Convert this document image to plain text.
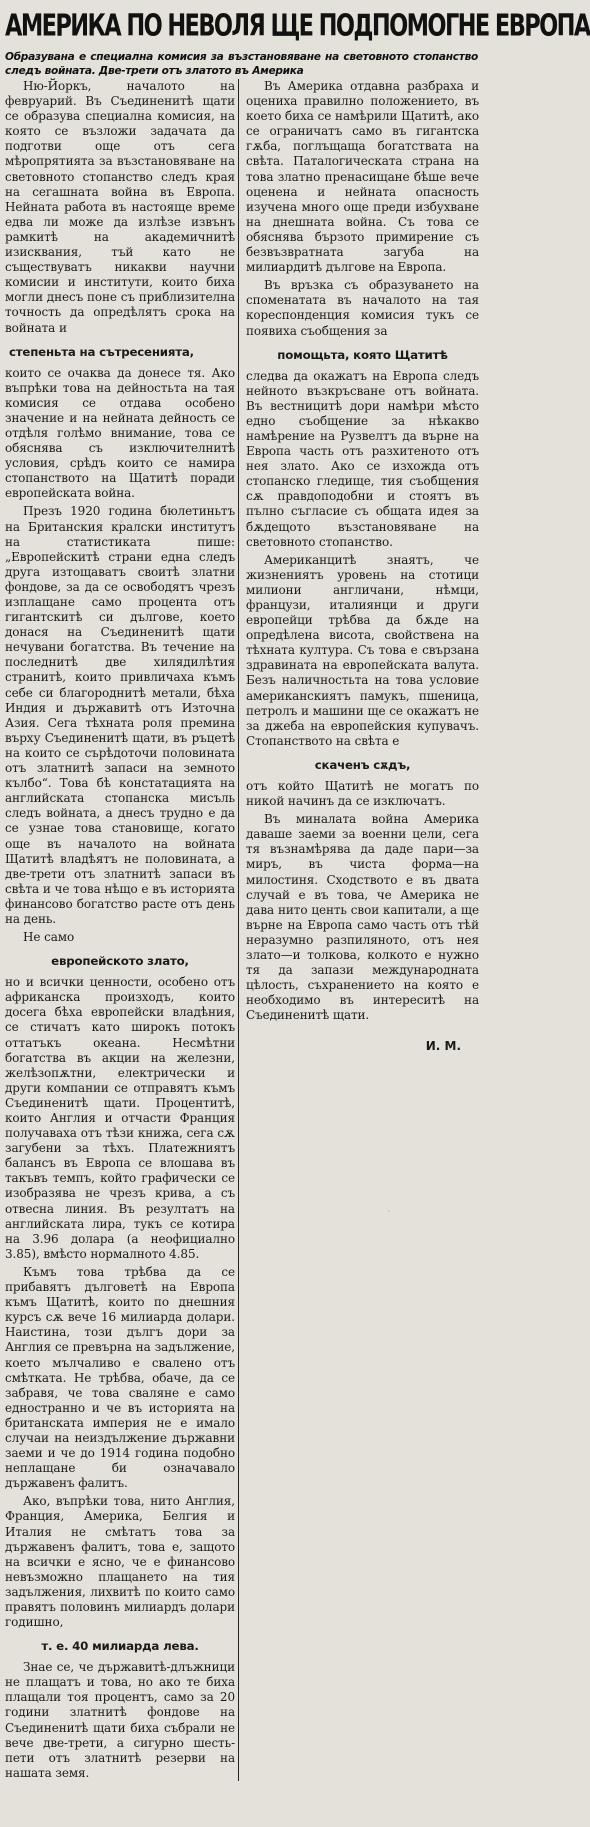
АМЕРИКА ПО НЕВОЛЯ ЩЕ ПОДПОМОГНЕ ЕВРОПА

Образувана е специална комисия за възстановяване на световното стопанство следъ войната. Две-трети отъ златото въ Америка

Ню-Йоркъ, началото на февруарий. Въ Съединенитѣ щати се образува специална комисия, на която се възложи задачата да подготви още отъ сега мѣропрятията за възстановяване на световното стопанство следъ края на сегашната война въ Европа. Нейната работа въ настояще време едва ли може да излѣзе извънъ рамкитѣ на академичнитѣ изисквания, тъй като не съществуватъ никакви научни комисии и институти, които биха могли днесъ поне съ приблизителна точность да опредѣлятъ срока на войната и

степеньта на сътресенията,

които се очаква да донесе тя. Ако въпрѣки това на дейностьта на тая комисия се отдава особено значение и на нейната дейность се отдѣля голѣмо внимание, това се обяснява съ изключителнитѣ условия, срѣдъ които се намира стопанството на Щатитѣ поради европейската война.

Презъ 1920 година бюлетиньтъ на Британския кралски институтъ на статистиката пише: „Европейскитѣ страни една следъ друга изтощаватъ своитѣ златни фондове, за да се освободятъ чрезъ изплащане само процента отъ гигантскитѣ си дългове, което донася на Съединенитѣ щати нечувани богатства. Въ течение на последнитѣ две хилядилѣтия странитѣ, които привличаха къмъ себе си благороднитѣ метали, бѣха Индия и държавитѣ отъ Източна Азия. Сега тѣхната роля премина върху Съединенитѣ щати, въ ръцетѣ на които се сърѣдоточи половината отъ златнитѣ запаси на земното кълбо“. Това бѣ констатацията на английската стопанска мисъль следъ войната, а днесъ трудно е да се узнае това становище, когато още въ началото на войната Щатитѣ владѣятъ не половината, а две-трети отъ златнитѣ запаси въ свѣта и че това нѣщо е въ историята финансово богатство расте отъ день на день.

Не само

европейското злато,

но и всички ценности, особено отъ африканска произходъ, които досега бѣха европейски владѣния, се стичатъ като широкъ потокъ оттатъкъ океана. Несмѣтни богатства въ акции на железни, желѣзопѫтни, електрически и други компании се отправятъ къмъ Съединенитѣ щати. Процентитѣ, които Англия и отчасти Франция получаваха отъ тѣзи книжа, сега сѫ загубени за тѣхъ. Платежниятъ балансъ въ Европа се влошава въ такъвъ темпъ, който графически се изобразява не чрезъ крива, а съ отвесна линия. Въ резултатъ на английската лира, тукъ се котира на 3.96 долара (а неофициално 3.85), вмѣсто нормалното 4.85.

Къмъ това трѣбва да се прибавятъ дълговетѣ на Европа къмъ Щатитѣ, които по днешния курсъ сѫ вече 16 милиарда долари. Наистина, този дългъ дори за Англия се превърна на задължение, което мълчаливо е свалено отъ смѣтката. Не трѣбва, обаче, да се забравя, че това сваляне е само едностранно и че въ историята на британската империя не е имало случаи на неиздължение държавни заеми и че до 1914 година подобно неплащане би означавало държавенъ фалитъ.

Ако, въпрѣки това, нито Англия, Франция, Америка, Белгия и Италия не смѣтатъ това за държавенъ фалитъ, това е, защото на всички е ясно, че е финансово невъзможно плащането на тия задължения, лихвитѣ по които само правятъ половинъ милиардъ долари годишно,

т. е. 40 милиарда лева.

Знае се, че държавитѣ-длъжници не плащатъ и това, но ако те биха плащали тоя процентъ, само за 20 години златнитѣ фондове на Съединенитѣ щати биха събрали не вече две-трети, а сигурно шесть-пети отъ златнитѣ резерви на нашата земя.

Въ Америка отдавна разбраха и оцениха правилно положението, въ което биха се намѣрили Щатитѣ, ако се ограничатъ само въ гигантска гѫба, поглъщаща богатствата на свѣта. Паталогическата страна на това златно пренасищане бѣше вече оценена и нейната опасность изучена много още преди избухване на днешната война. Съ това се обяснява бързото примирение съ безвъзвратната загуба на милиардитѣ дългове на Европа.

Въ връзка съ образуването на споменатата въ началото на тая кореспонденция комисия тукъ се появиха съобщения за

помощьта, която Щатитѣ

следва да окажатъ на Европа следъ нейното възкръсване отъ войната. Въ вестницитѣ дори намѣри мѣсто едно съобщение за нѣкакво намѣрение на Рузвелтъ да върне на Европа часть отъ разхитеното отъ нея злато. Ако се изхожда отъ стопанско гледище, тия съобщения сѫ правдоподобни и стоятъ въ пълно съгласие съ общата идея за бѫдещото възстановяване на световното стопанство.

Американцитѣ знаятъ, че жизнениятъ уровень на стотици милиони англичани, нѣмци, французи, италиянци и други европейци трѣбва да бѫде на опредѣлена висота, свойствена на тѣхната култура. Съ това е свързана здравината на европейската валута. Безъ наличностьта на това условие американскиятъ памукъ, пшеница, петролъ и машини ще се окажатъ не за джеба на европейския купувачъ. Стопанството на свѣта е

скаченъ сѫдъ,

отъ който Щатитѣ не могатъ по никой начинъ да се изключатъ.

Въ миналата война Америка даваше заеми за военни цели, сега тя възнамѣрява да даде пари—за миръ, въ чиста форма—на милостиня. Сходството е въ двата случай е въ това, че Америка не дава нито центь свои капитали, а ще върне на Европа само часть отъ тѣй неразумно разпиляното, отъ нея злато—и толкова, колкото е нужно тя да запази международната цѣлость, съхранението на която е необходимо въ интереситѣ на Съединенитѣ щати.

И. М.
